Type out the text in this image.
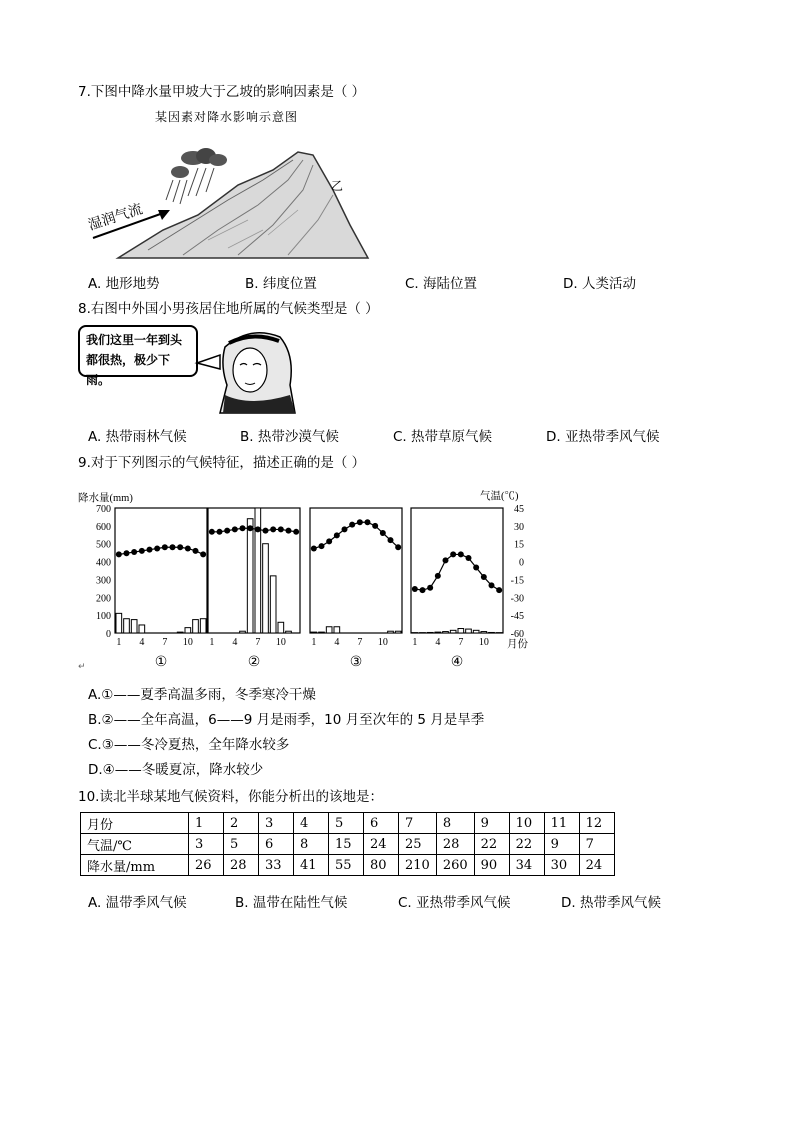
7.下图中降水量甲坡大于乙坡的影响因素是（ ）
某因素对降水影响示意图
湿润气流
乙
A. 地形地势	B. 纬度位置	C. 海陆位置	D. 人类活动
8.右图中外国小男孩居住地所属的气候类型是（ ）
我们这里一年到头
都很热，极少下雨。
A. 热带雨林气候	B. 热带沙漠气候	C. 热带草原气候	D. 亚热带季风气候
9.对于下列图示的气候特征，描述正确的是（ ）
降水量(mm)	气温(℃)
月份
↵
700
600
500
400
300
200
100
0
45
30
15
0
-15
-30
-45
-60
1 4 7 10
①
1 4 7 10
②
1 4 7 10
③
1 4 7 10
④
A.①——夏季高温多雨，冬季寒冷干燥
B.②——全年高温，6——9 月是雨季，10 月至次年的 5 月是旱季
C.③——冬冷夏热，全年降水较多
D.④——冬暖夏凉，降水较少
10.读北半球某地气候资料，你能分析出的该地是：
月份	1	2	3	4	5	6	7	8	9	10	11	12
气温/℃	3	5	6	8	15	24	25	28	22	22	9	7
降水量/mm	26	28	33	41	55	80	210	260	90	34	30	24
A. 温带季风气候	B. 温带在陆性气候	C. 亚热带季风气候	D. 热带季风气候
